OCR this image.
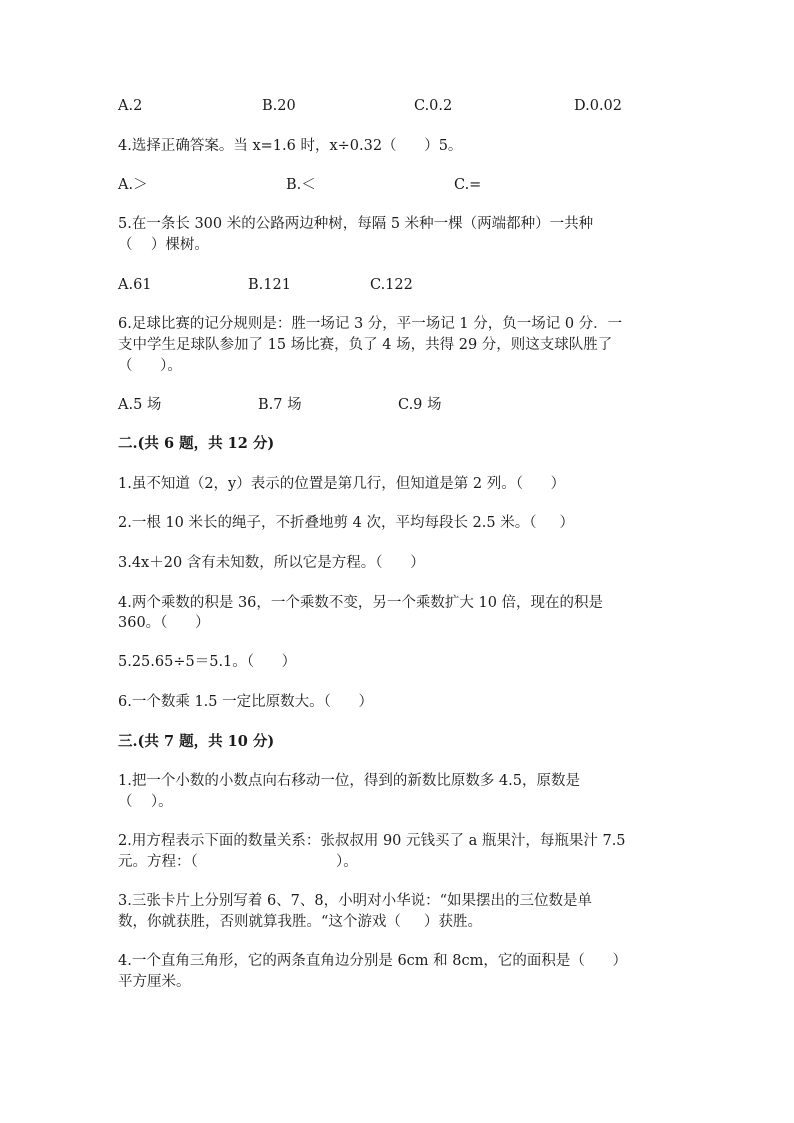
A.2	B.20	C.0.2	D.0.02
4.选择正确答案。当 x=1.6 时，x÷0.32（      ）5。
A.＞	B.＜	C.=
5.在一条长 300 米的公路两边种树，每隔 5 米种一棵（两端都种）一共种
（    ）棵树。
A.61	B.121	C.122
6.足球比赛的记分规则是：胜一场记 3 分，平一场记 1 分，负一场记 0 分．一
支中学生足球队参加了 15 场比赛，负了 4 场，共得 29 分，则这支球队胜了
（      ）。
A.5 场	B.7 场	C.9 场
二.(共 6 题，共 12 分)
1.虽不知道（2，y）表示的位置是第几行，但知道是第 2 列。（      ）
2.一根 10 米长的绳子，不折叠地剪 4 次，平均每段长 2.5 米。（     ）
3.4x＋20 含有未知数，所以它是方程。（      ）
4.两个乘数的积是 36，一个乘数不变，另一个乘数扩大 10 倍，现在的积是
360。（      ）
5.25.65÷5＝5.1。（      ）
6.一个数乘 1.5 一定比原数大。（      ）
三.(共 7 题，共 10 分)
1.把一个小数的小数点向右移动一位，得到的新数比原数多 4.5，原数是
（    ）。
2.用方程表示下面的数量关系：张叔叔用 90 元钱买了 a 瓶果汁，每瓶果汁 7.5
元。方程：（                              ）。
3.三张卡片上分别写着 6、7、8，小明对小华说：“如果摆出的三位数是单
数，你就获胜，否则就算我胜。“这个游戏（     ）获胜。
4.一个直角三角形，它的两条直角边分别是 6cm 和 8cm，它的面积是（      ）
平方厘米。
